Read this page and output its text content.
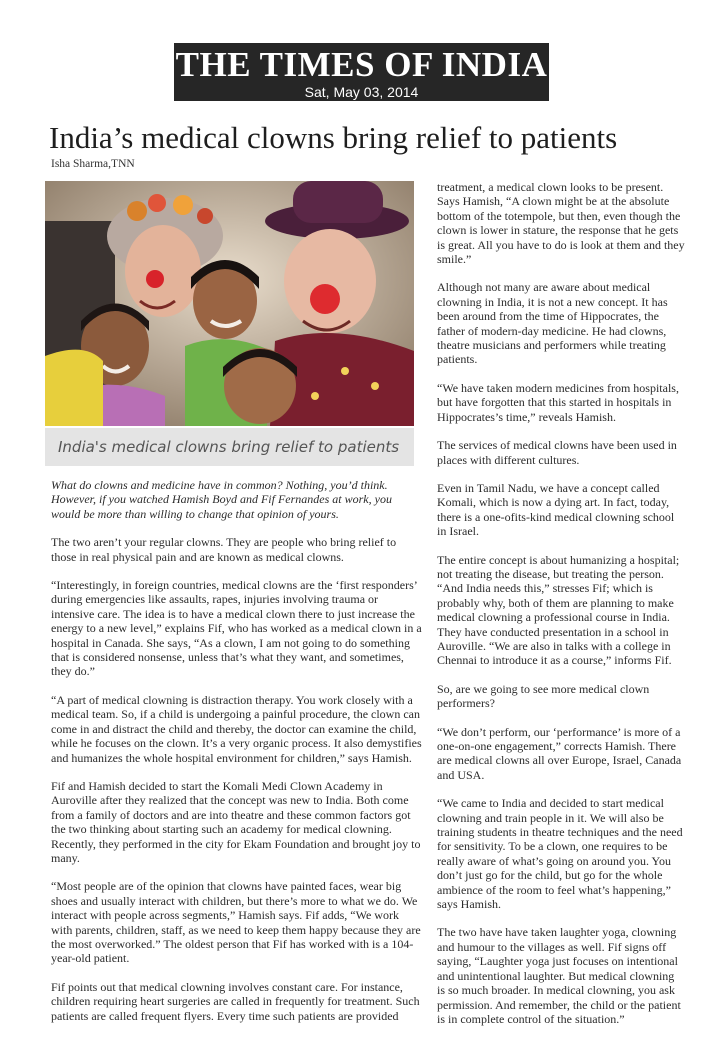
THE TIMES OF INDIA
Sat, May 03, 2014
India’s medical clowns bring relief to patients
Isha Sharma,TNN
India's medical clowns bring relief to patients

What do clowns and medicine have in common? Nothing, you’d think. However, if you watched Hamish Boyd and Fif Fernandes at work, you would be more than willing to change that opinion of yours.

The two aren’t your regular clowns. They are people who bring relief to those in real physical pain and are known as medical clowns.

“Interestingly, in foreign countries, medical clowns are the ‘first responders’ during emergencies like assaults, rapes, injuries involving trauma or intensive care. The idea is to have a medical clown there to just increase the energy to a new level,” explains Fif, who has worked as a medical clown in a hospital in Canada. She says, “As a clown, I am not going to do something that is considered nonsense, unless that’s what they want, and sometimes, they do.”

“A part of medical clowning is distraction therapy. You work closely with a medical team. So, if a child is undergoing a painful procedure, the clown can come in and distract the child and thereby, the doctor can examine the child, while he focuses on the clown. It’s a very organic process. It also demystifies and humanizes the whole hospital environment for children,” says Hamish.

Fif and Hamish decided to start the Komali Medi Clown Academy in Auroville after they realized that the concept was new to India. Both come from a family of doctors and are into theatre and these common factors got the two thinking about starting such an academy for medical clowning. Recently, they performed in the city for Ekam Foundation and brought joy to many.

“Most people are of the opinion that clowns have painted faces, wear big shoes and usually interact with children, but there’s more to what we do. We interact with people across segments,” Hamish says. Fif adds, “We work with parents, children, staff, as we need to keep them happy because they are the most overworked.” The oldest person that Fif has worked with is a 104-year-old patient.

Fif points out that medical clowning involves constant care. For instance, children requiring heart surgeries are called in frequently for treatment. Such patients are called frequent flyers. Every time such patients are provided

treatment, a medical clown looks to be present. Says Hamish, “A clown might be at the absolute bottom of the totempole, but then, even though the clown is lower in stature, the response that he gets is great. All you have to do is look at them and they smile.”

Although not many are aware about medical clowning in India, it is not a new concept. It has been around from the time of Hippocrates, the father of modern-day medicine. He had clowns, theatre musicians and performers while treating patients.

“We have taken modern medicines from hospitals, but have forgotten that this started in hospitals in Hippocrates’s time,” reveals Hamish.

The services of medical clowns have been used in places with different cultures.

Even in Tamil Nadu, we have a concept called Komali, which is now a dying art. In fact, today, there is a one-ofits-kind medical clowning school in Israel.

The entire concept is about humanizing a hospital; not treating the disease, but treating the person. “And India needs this,” stresses Fif; which is probably why, both of them are planning to make medical clowning a professional course in India. They have conducted presentation in a school in Auroville. “We are also in talks with a college in Chennai to introduce it as a course,” informs Fif.

So, are we going to see more medical clown performers?

“We don’t perform, our ‘performance’ is more of a one-on-one engagement,” corrects Hamish. There are medical clowns all over Europe, Israel, Canada and USA.

“We came to India and decided to start medical clowning and train people in it. We will also be training students in theatre techniques and the need for sensitivity. To be a clown, one requires to be really aware of what’s going on around you. You don’t just go for the child, but go for the whole ambience of the room to feel what’s happening,” says Hamish.

The two have have taken laughter yoga, clowning and humour to the villages as well. Fif signs off saying, “Laughter yoga just focuses on intentional and unintentional laughter. But medical clowning is so much broader. In medical clowning, you ask permission. And remember, the child or the patient is in complete control of the situation.”
